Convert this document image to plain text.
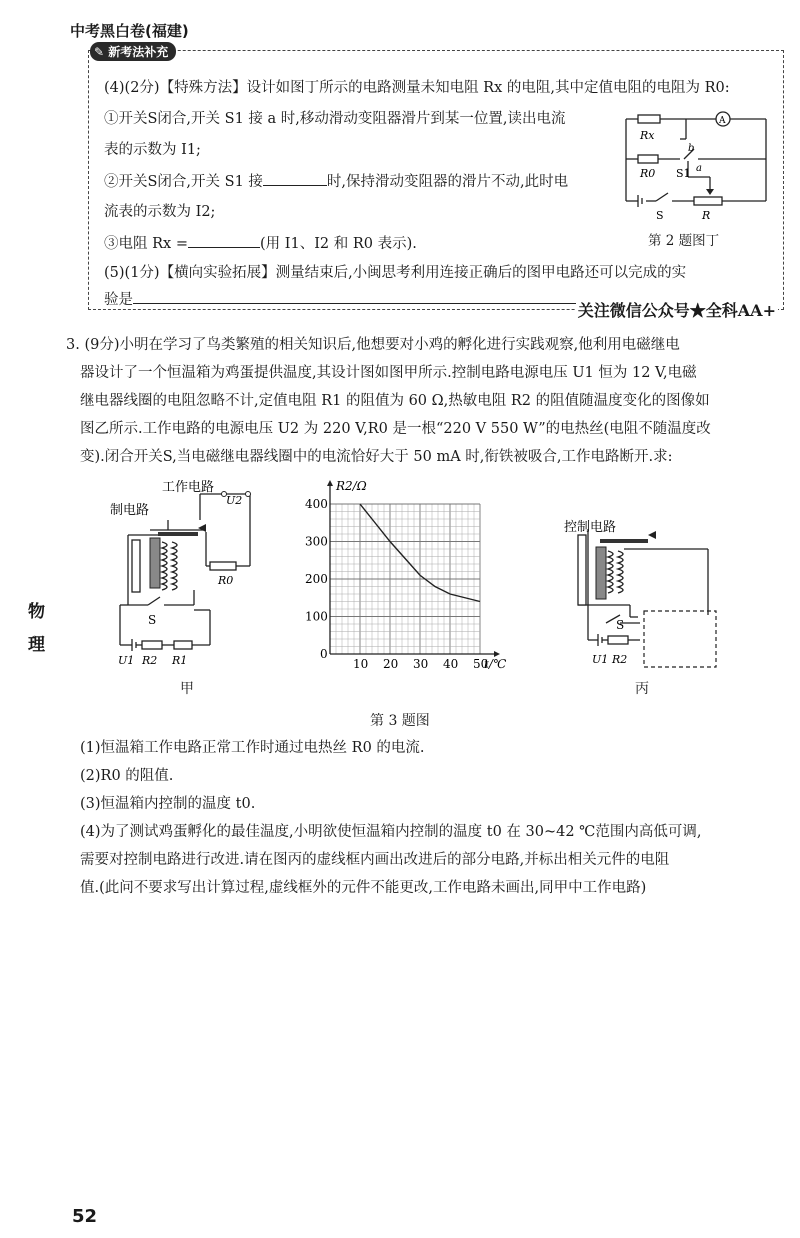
中考黑白卷(福建)
✎ 新考法补充
(4)(2分)【特殊方法】设计如图丁所示的电路测量未知电阻 Rx 的电阻,其中定值电阻的电阻为 R0:
①开关S闭合,开关 S1 接 a 时,移动滑动变阻器滑片到某一位置,读出电流
表的示数为 I1;
②开关S闭合,开关 S1 接	时,保持滑动变阻器的滑片不动,此时电
流表的示数为 I2;
③电阻 Rx =	(用 I1、I2 和 R0 表示).
(5)(1分)【横向实验拓展】测量结束后,小闽思考利用连接正确后的图甲电路还可以完成的实
验是
A
Rx
R0
b
a
S1
S	R
第 2 题图丁
关注微信公众号★全科AA+
3. (9分)小明在学习了鸟类繁殖的相关知识后,他想要对小鸡的孵化进行实践观察,他利用电磁继电
器设计了一个恒温箱为鸡蛋提供温度,其设计图如图甲所示.控制电路电源电压 U1 恒为 12 V,电磁
继电器线圈的电阻忽略不计,定值电阻 R1 的阻值为 60 Ω,热敏电阻 R2 的阻值随温度变化的图像如
图乙所示.工作电路的电源电压 U2 为 220 V,R0 是一根“220 V 550 W”的电热丝(电阻不随温度改
变).闭合开关S,当电磁继电器线圈中的电流恰好大于 50 mA 时,衔铁被吸合,工作电路断开.求:
工作电路
U2
制电路
R0
S
U1 R2 R1
甲
10 20 30 40 50
100
200
300
400
0
t/℃
R2/Ω
控制电路
S
U1 R2
丙
第 3 题图
(1)恒温箱工作电路正常工作时通过电热丝 R0 的电流.
(2)R0 的阻值.
(3)恒温箱内控制的温度 t0.
(4)为了测试鸡蛋孵化的最佳温度,小明欲使恒温箱内控制的温度 t0 在 30~42 ℃范围内高低可调,
需要对控制电路进行改进.请在图丙的虚线框内画出改进后的部分电路,并标出相关元件的电阻
值.(此问不要求写出计算过程,虚线框外的元件不能更改,工作电路未画出,同甲中工作电路)
物
理
52
